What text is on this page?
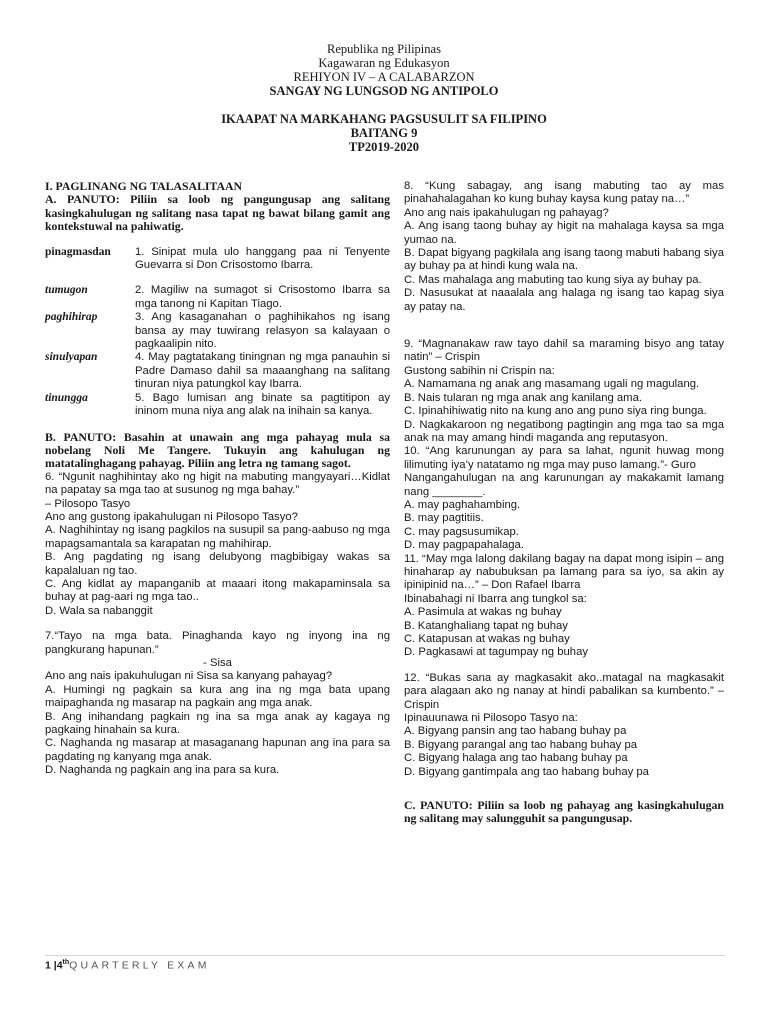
Republika ng Pilipinas
Kagawaran ng Edukasyon
REHIYON IV – A CALABARZON
SANGAY NG LUNGSOD NG ANTIPOLO
IKAAPAT NA MARKAHANG PAGSUSULIT SA FILIPINO
BAITANG 9
TP2019-2020

I. PAGLINANG NG TALASALITAAN

A. PANUTO: Piliin sa loob ng pangungusap ang salitang kasingkahulugan ng salitang nasa tapat ng bawat bilang gamit ang kontekstuwal na pahiwatig.

pinagmasdan	1. Sinipat mula ulo hanggang paa ni Tenyente Guevarra si Don Crisostomo Ibarra.
tumugon	2. Magiliw na sumagot si Crisostomo Ibarra sa mga tanong ni Kapitan Tiago.
paghihirap	3. Ang kasaganahan o paghihikahos ng isang bansa ay may tuwirang relasyon sa kalayaan o pagkaalipin nito.
sinulyapan	4. May pagtatakang tiningnan ng mga panauhin si Padre Damaso dahil sa maaanghang na salitang tinuran niya patungkol kay Ibarra.
tinungga	5. Bago lumisan ang binate sa pagtitipon ay ininom muna niya ang alak na inihain sa kanya.

B. PANUTO: Basahin at unawain ang mga pahayag mula sa nobelang Noli Me Tangere. Tukuyin ang kahulugan ng matatalinghagang pahayag. Piliin ang letra ng tamang sagot.

6. “Ngunit naghihintay ako ng higit na mabuting mangyayari…Kidlat na papatay sa mga tao at susunog ng mga bahay.”

– Pilosopo Tasyo

Ano ang gustong ipakahulugan ni Pilosopo Tasyo?

A. Naghihintay ng isang pagkilos na susupil sa pang-aabuso ng mga mapagsamantala sa karapatan ng mahihirap.

B. Ang pagdating ng isang delubyong magbibigay wakas sa kapalaluan ng tao.

C. Ang kidlat ay mapanganib at maaari itong makapaminsala sa buhay at pag-aari ng mga tao..

D. Wala sa nabanggit

7.“Tayo na mga bata. Pinaghanda kayo ng inyong ina ng pangkurang hapunan.”

- Sisa

Ano ang nais ipakuhulugan ni Sisa sa kanyang pahayag?

A. Humingi ng pagkain sa kura ang ina ng mga bata upang maipaghanda ng masarap na pagkain ang mga anak.

B. Ang inihandang pagkain ng ina sa mga anak ay kagaya ng pagkaing hinahain sa kura.

C. Naghanda ng masarap at masaganang hapunan ang ina para sa pagdating ng kanyang mga anak.

D. Naghanda ng pagkain ang ina para sa kura.

8. “Kung sabagay, ang isang mabuting tao ay mas pinahahalagahan ko kung buhay kaysa kung patay na…”

Ano ang nais ipakahulugan ng pahayag?

A. Ang isang taong buhay ay higit na mahalaga kaysa sa mga yumao na.

B. Dapat bigyang pagkilala ang isang taong mabuti habang siya ay buhay pa at hindi kung wala na.

C. Mas mahalaga ang mabuting tao kung siya ay buhay pa.

D. Nasusukat at naaalala ang halaga ng isang tao kapag siya ay patay na.

9. “Magnanakaw raw tayo dahil sa maraming bisyo ang tatay natin” – Crispin

Gustong sabihin ni Crispin na:

A. Namamana ng anak ang masamang ugali ng magulang.

B. Nais tularan ng mga anak ang kanilang ama.

C. Ipinahihiwatig nito na kung ano ang puno siya ring bunga.

D. Nagkakaroon ng negatibong pagtingin ang mga tao sa mga anak na may amang hindi maganda ang reputasyon.

10. “Ang karunungan ay para sa lahat, ngunit huwag mong lilimuting iya’y natatamo ng mga may puso lamang.”- Guro

Nangangahulugan na ang karunungan ay makakamit lamang nang ________.

A. may paghahambing.

B. may pagtitiis.

C. may pagsusumikap.

D. may pagpapahalaga.

11. “May mga lalong dakilang bagay na dapat mong isipin – ang hinaharap ay nabubuksan pa lamang para sa iyo, sa akin ay ipinipinid na…” – Don Rafael Ibarra

Ibinabahagi ni Ibarra ang tungkol sa:

A. Pasimula at wakas ng buhay

B. Katanghaliang tapat ng buhay

C. Katapusan at wakas ng buhay

D. Pagkasawi at tagumpay ng buhay

12. “Bukas sana ay magkasakit ako..matagal na magkasakit para alagaan ako ng nanay at hindi pabalikan sa kumbento.” – Crispin

Ipinauunawa ni Pilosopo Tasyo na:

A. Bigyang pansin ang tao habang buhay pa

B. Bigyang parangal ang tao habang buhay pa

C. Bigyang halaga ang tao habang buhay pa

D. Bigyang gantimpala ang tao habang buhay pa

C. PANUTO: Piliin sa loob ng pahayag ang kasingkahulugan ng salitang may salungguhit sa pangungusap.

1 |4thQUARTERLY EXAM
